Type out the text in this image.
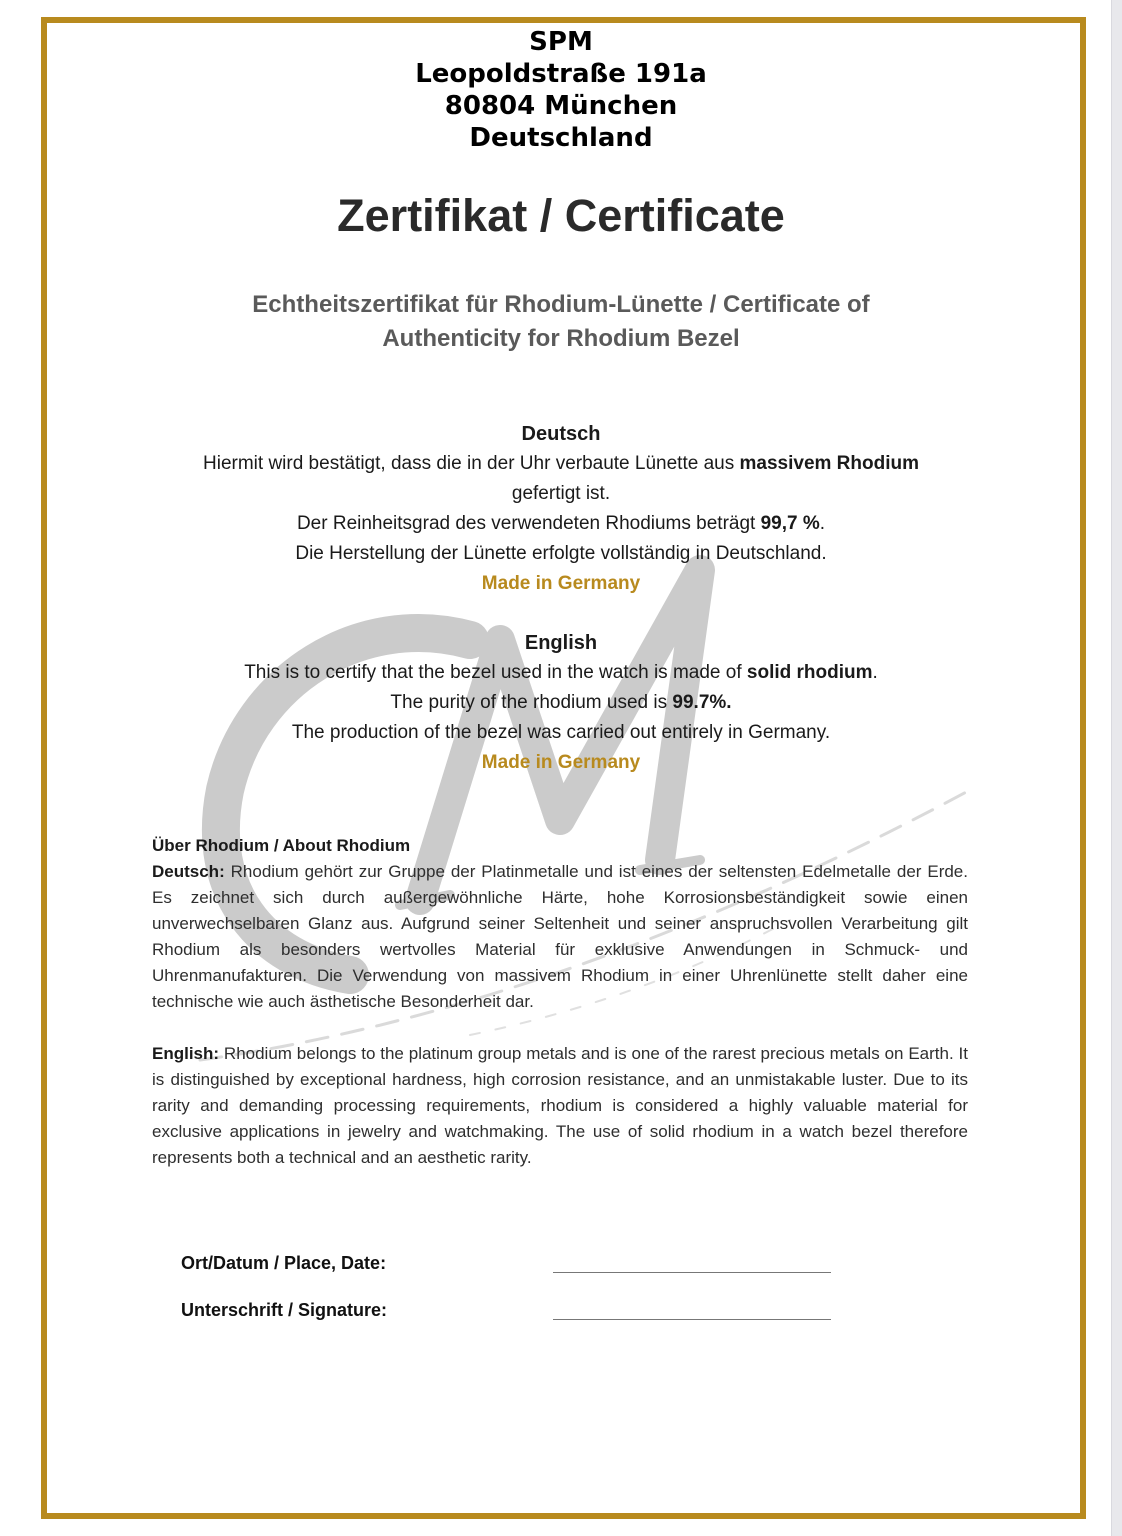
SPM
Leopoldstraße 191a
80804 München
Deutschland
Zertifikat / Certificate
Echtheitszertifikat für Rhodium-Lünette / Certificate of
Authenticity for Rhodium Bezel
Deutsch
Hiermit wird bestätigt, dass die in der Uhr verbaute Lünette aus massivem Rhodium
gefertigt ist.
Der Reinheitsgrad des verwendeten Rhodiums beträgt 99,7 %.
Die Herstellung der Lünette erfolgte vollständig in Deutschland.
Made in Germany
English
This is to certify that the bezel used in the watch is made of solid rhodium.
The purity of the rhodium used is 99.7%.
The production of the bezel was carried out entirely in Germany.
Made in Germany
Über Rhodium / About Rhodium
Deutsch: Rhodium gehört zur Gruppe der Platinmetalle und ist eines der seltensten Edelmetalle der Erde. Es zeichnet sich durch außergewöhnliche Härte, hohe Korrosionsbeständigkeit sowie einen unverwechselbaren Glanz aus. Aufgrund seiner Seltenheit und seiner anspruchsvollen Verarbeitung gilt Rhodium als besonders wertvolles Material für exklusive Anwendungen in Schmuck- und Uhrenmanufakturen. Die Verwendung von massivem Rhodium in einer Uhrenlünette stellt daher eine technische wie auch ästhetische Besonderheit dar.
English: Rhodium belongs to the platinum group metals and is one of the rarest precious metals on Earth. It is distinguished by exceptional hardness, high corrosion resistance, and an unmistakable luster. Due to its rarity and demanding processing requirements, rhodium is considered a highly valuable material for exclusive applications in jewelry and watchmaking. The use of solid rhodium in a watch bezel therefore represents both a technical and an aesthetic rarity.
Ort/Datum / Place, Date:
Unterschrift / Signature:
